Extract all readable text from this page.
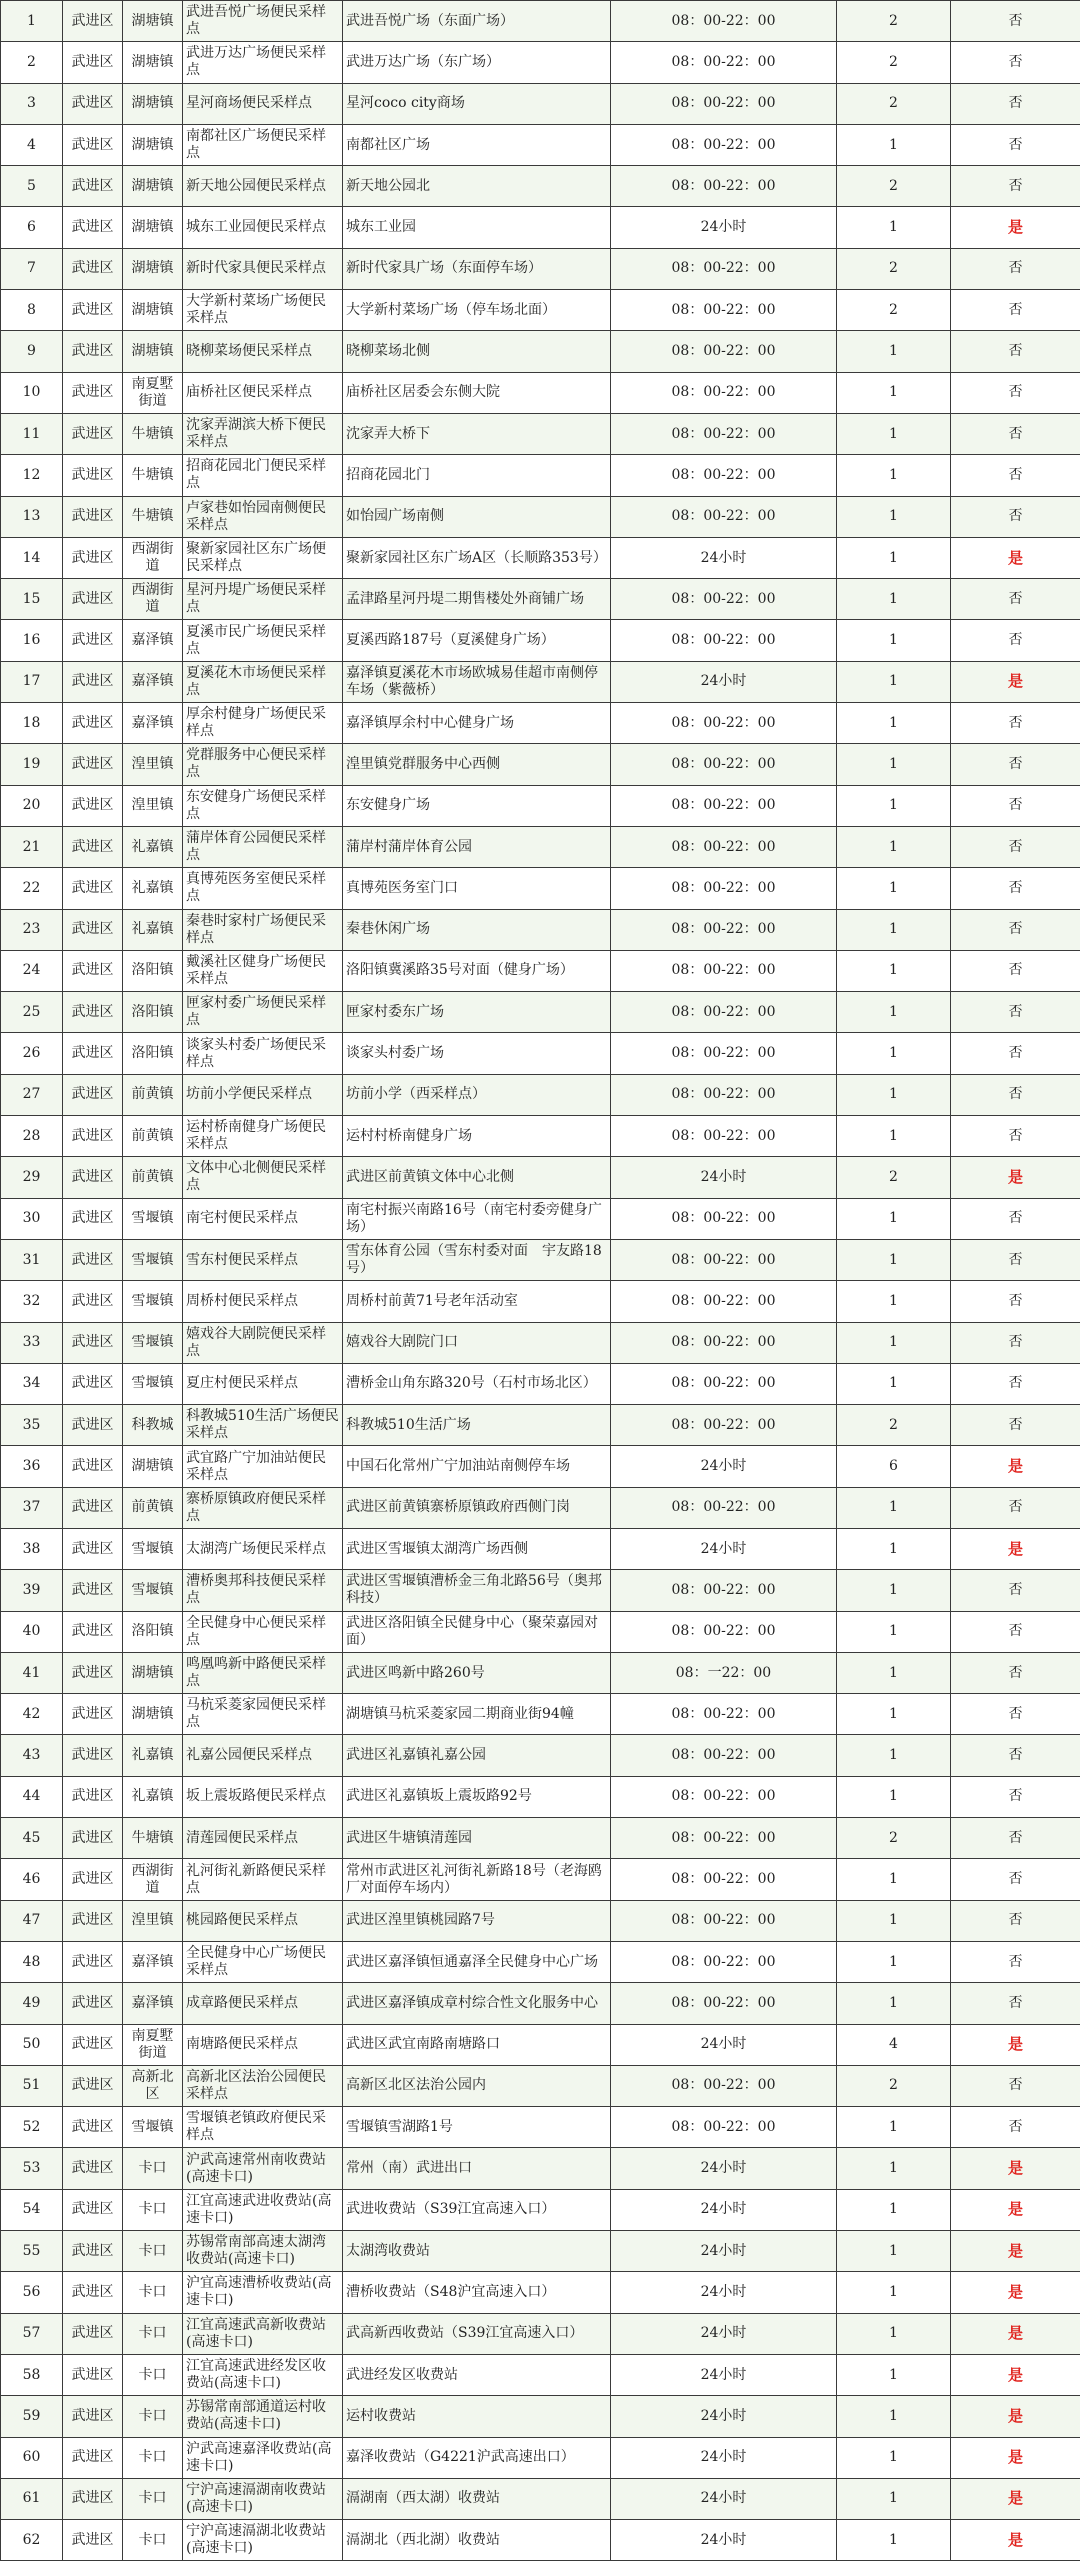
1	武进区	湖塘镇	武进吾悦广场便民采样点	武进吾悦广场（东面广场）	08：00-22：00	2	否
2	武进区	湖塘镇	武进万达广场便民采样点	武进万达广场（东广场）	08：00-22：00	2	否
3	武进区	湖塘镇	星河商场便民采样点	星河coco city商场	08：00-22：00	2	否
4	武进区	湖塘镇	南都社区广场便民采样点	南都社区广场	08：00-22：00	1	否
5	武进区	湖塘镇	新天地公园便民采样点	新天地公园北	08：00-22：00	2	否
6	武进区	湖塘镇	城东工业园便民采样点	城东工业园	24小时	1	是
7	武进区	湖塘镇	新时代家具便民采样点	新时代家具广场（东面停车场）	08：00-22：00	2	否
8	武进区	湖塘镇	大学新村菜场广场便民采样点	大学新村菜场广场（停车场北面）	08：00-22：00	2	否
9	武进区	湖塘镇	晓柳菜场便民采样点	晓柳菜场北侧	08：00-22：00	1	否
10	武进区	南夏墅街道	庙桥社区便民采样点	庙桥社区居委会东侧大院	08：00-22：00	1	否
11	武进区	牛塘镇	沈家弄湖滨大桥下便民采样点	沈家弄大桥下	08：00-22：00	1	否
12	武进区	牛塘镇	招商花园北门便民采样点	招商花园北门	08：00-22：00	1	否
13	武进区	牛塘镇	卢家巷如怡园南侧便民采样点	如怡园广场南侧	08：00-22：00	1	否
14	武进区	西湖街道	聚新家园社区东广场便民采样点	聚新家园社区东广场A区（长顺路353号）	24小时	1	是
15	武进区	西湖街道	星河丹堤广场便民采样点	孟津路星河丹堤二期售楼处外商铺广场	08：00-22：00	1	否
16	武进区	嘉泽镇	夏溪市民广场便民采样点	夏溪西路187号（夏溪健身广场）	08：00-22：00	1	否
17	武进区	嘉泽镇	夏溪花木市场便民采样点	嘉泽镇夏溪花木市场欧城易佳超市南侧停车场（紫薇桥）	24小时	1	是
18	武进区	嘉泽镇	厚余村健身广场便民采样点	嘉泽镇厚余村中心健身广场	08：00-22：00	1	否
19	武进区	湟里镇	党群服务中心便民采样点	湟里镇党群服务中心西侧	08：00-22：00	1	否
20	武进区	湟里镇	东安健身广场便民采样点	东安健身广场	08：00-22：00	1	否
21	武进区	礼嘉镇	蒲岸体育公园便民采样点	蒲岸村蒲岸体育公园	08：00-22：00	1	否
22	武进区	礼嘉镇	真博苑医务室便民采样点	真博苑医务室门口	08：00-22：00	1	否
23	武进区	礼嘉镇	秦巷时家村广场便民采样点	秦巷休闲广场	08：00-22：00	1	否
24	武进区	洛阳镇	戴溪社区健身广场便民采样点	洛阳镇冀溪路35号对面（健身广场）	08：00-22：00	1	否
25	武进区	洛阳镇	匣家村委广场便民采样点	匣家村委东广场	08：00-22：00	1	否
26	武进区	洛阳镇	谈家头村委广场便民采样点	谈家头村委广场	08：00-22：00	1	否
27	武进区	前黄镇	坊前小学便民采样点	坊前小学（西采样点）	08：00-22：00	1	否
28	武进区	前黄镇	运村桥南健身广场便民采样点	运村村桥南健身广场	08：00-22：00	1	否
29	武进区	前黄镇	文体中心北侧便民采样点	武进区前黄镇文体中心北侧	24小时	2	是
30	武进区	雪堰镇	南宅村便民采样点	南宅村振兴南路16号（南宅村委旁健身广场）	08：00-22：00	1	否
31	武进区	雪堰镇	雪东村便民采样点	雪东体育公园（雪东村委对面　宇友路18号）	08：00-22：00	1	否
32	武进区	雪堰镇	周桥村便民采样点	周桥村前黄71号老年活动室	08：00-22：00	1	否
33	武进区	雪堰镇	嬉戏谷大剧院便民采样点	嬉戏谷大剧院门口	08：00-22：00	1	否
34	武进区	雪堰镇	夏庄村便民采样点	漕桥金山角东路320号（石村市场北区）	08：00-22：00	1	否
35	武进区	科教城	科教城510生活广场便民采样点	科教城510生活广场	08：00-22：00	2	否
36	武进区	湖塘镇	武宜路广宁加油站便民采样点	中国石化常州广宁加油站南侧停车场	24小时	6	是
37	武进区	前黄镇	寨桥原镇政府便民采样点	武进区前黄镇寨桥原镇政府西侧门岗	08：00-22：00	1	否
38	武进区	雪堰镇	太湖湾广场便民采样点	武进区雪堰镇太湖湾广场西侧	24小时	1	是
39	武进区	雪堰镇	漕桥奥邦科技便民采样点	武进区雪堰镇漕桥金三角北路56号（奥邦科技）	08：00-22：00	1	否
40	武进区	洛阳镇	全民健身中心便民采样点	武进区洛阳镇全民健身中心（聚荣嘉园对面）	08：00-22：00	1	否
41	武进区	湖塘镇	鸣凰鸣新中路便民采样点	武进区鸣新中路260号	08：一22：00	1	否
42	武进区	湖塘镇	马杭采菱家园便民采样点	湖塘镇马杭采菱家园二期商业街94幢	08：00-22：00	1	否
43	武进区	礼嘉镇	礼嘉公园便民采样点	武进区礼嘉镇礼嘉公园	08：00-22：00	1	否
44	武进区	礼嘉镇	坂上震坂路便民采样点	武进区礼嘉镇坂上震坂路92号	08：00-22：00	1	否
45	武进区	牛塘镇	清莲园便民采样点	武进区牛塘镇清莲园	08：00-22：00	2	否
46	武进区	西湖街道	礼河街礼新路便民采样点	常州市武进区礼河街礼新路18号（老海鸥厂对面停车场内）	08：00-22：00	1	否
47	武进区	湟里镇	桃园路便民采样点	武进区湟里镇桃园路7号	08：00-22：00	1	否
48	武进区	嘉泽镇	全民健身中心广场便民采样点	武进区嘉泽镇恒通嘉泽全民健身中心广场	08：00-22：00	1	否
49	武进区	嘉泽镇	成章路便民采样点	武进区嘉泽镇成章村综合性文化服务中心	08：00-22：00	1	否
50	武进区	南夏墅街道	南塘路便民采样点	武进区武宜南路南塘路口	24小时	4	是
51	武进区	高新北区	高新北区法治公园便民采样点	高新区北区法治公园内	08：00-22：00	2	否
52	武进区	雪堰镇	雪堰镇老镇政府便民采样点	雪堰镇雪湖路1号	08：00-22：00	1	否
53	武进区	卡口	沪武高速常州南收费站(高速卡口)	常州（南）武进出口	24小时	1	是
54	武进区	卡口	江宜高速武进收费站(高速卡口)	武进收费站（S39江宜高速入口）	24小时	1	是
55	武进区	卡口	苏锡常南部高速太湖湾收费站(高速卡口)	太湖湾收费站	24小时	1	是
56	武进区	卡口	沪宜高速漕桥收费站(高速卡口)	漕桥收费站（S48沪宜高速入口）	24小时	1	是
57	武进区	卡口	江宜高速武高新收费站(高速卡口)	武高新西收费站（S39江宜高速入口）	24小时	1	是
58	武进区	卡口	江宜高速武进经发区收费站(高速卡口)	武进经发区收费站	24小时	1	是
59	武进区	卡口	苏锡常南部通道运村收费站(高速卡口)	运村收费站	24小时	1	是
60	武进区	卡口	沪武高速嘉泽收费站(高速卡口)	嘉泽收费站（G4221沪武高速出口）	24小时	1	是
61	武进区	卡口	宁沪高速滆湖南收费站(高速卡口)	滆湖南（西太湖）收费站	24小时	1	是
62	武进区	卡口	宁沪高速滆湖北收费站(高速卡口)	滆湖北（西北湖）收费站	24小时	1	是
